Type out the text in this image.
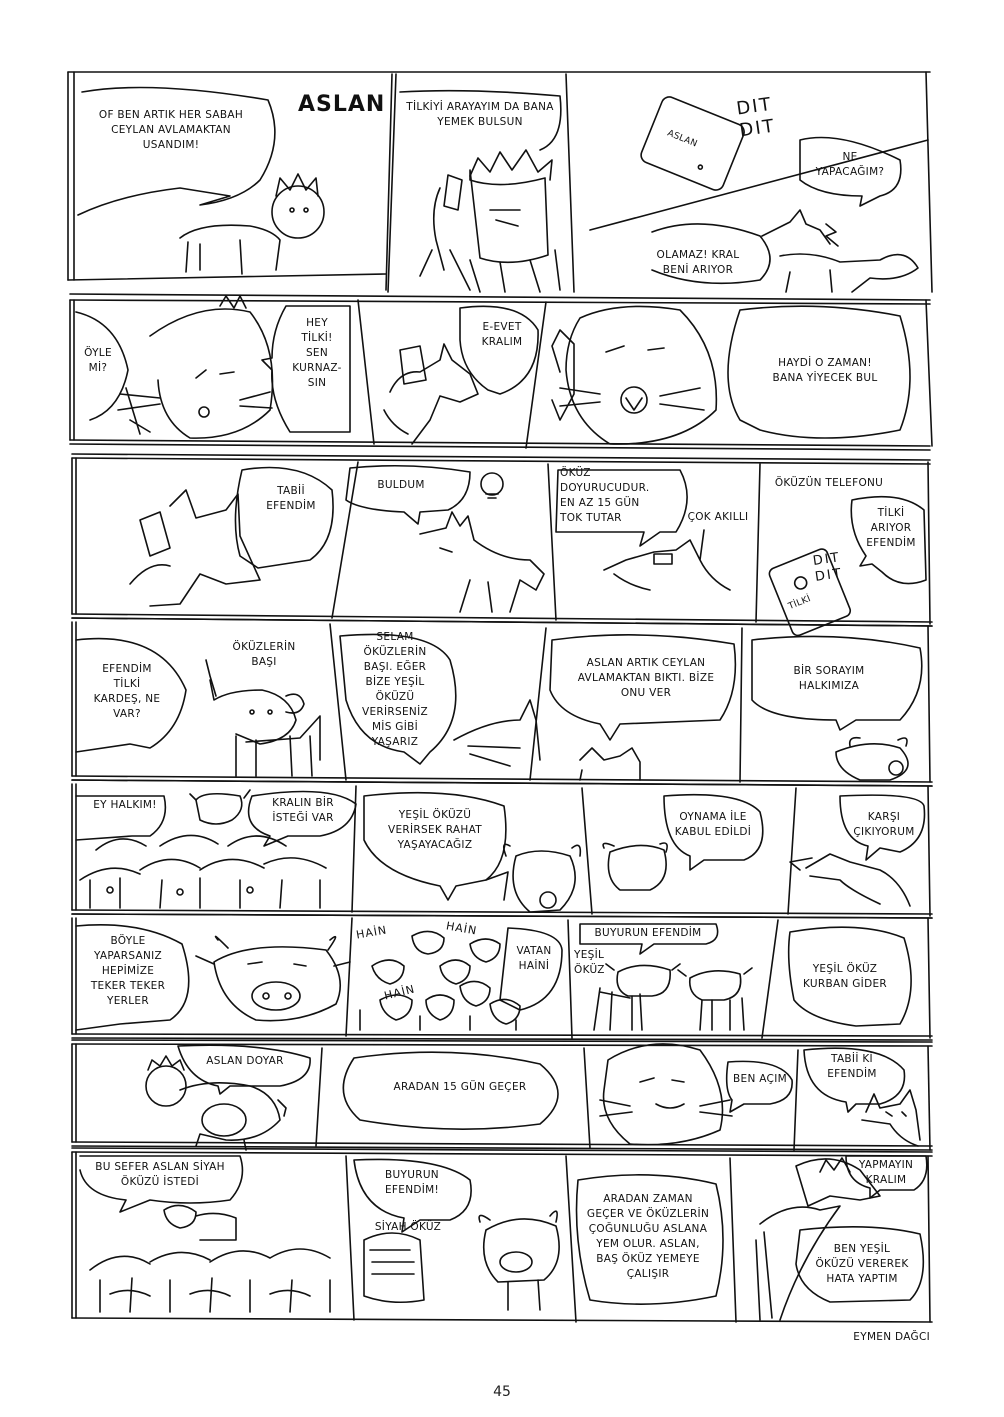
OF BEN ARTIK HER SABAH
CEYLAN AVLAMAKTAN
USANDIM!
ASLAN	TİLKİYİ ARAYAYIM DA BANA
YEMEK BULSUN
ASLAN
DIT
DIT
NE
YAPACAĞIM?
OLAMAZ! KRAL
BENİ ARIYOR
ÖYLE
Mİ?
HEY
TİLKİ!
SEN
KURNAZ-
SIN
E-EVET
KRALIM
HAYDİ O ZAMAN!
BANA YİYECEK BUL
TABİİ
EFENDİM
BULDUM
ÖKÜZ
DOYURUCUDUR.
EN AZ 15 GÜN
TOK TUTAR	ÇOK AKILLI
ÖKÜZÜN TELEFONU
TİLKİ
ARIYOR
EFENDİM
TİLKİ
DIT
DIT
EFENDİM
TİLKİ
KARDEŞ, NE
VAR?
ÖKÜZLERİN
BAŞI
SELAM
ÖKÜZLERİN
BAŞI. EĞER
BİZE YEŞİL
ÖKÜZÜ
VERİRSENİZ
MİS GİBİ
YAŞARIZ
ASLAN ARTIK CEYLAN
AVLAMAKTAN BIKTI. BİZE
ONU VER
BİR SORAYIM
HALKIMIZA
EY HALKIM!	KRALIN BİR
İSTEĞİ VAR	YEŞİL ÖKÜZÜ
VERİRSEK RAHAT
YAŞAYACAĞIZ
OYNAMA İLE
KABUL EDİLDİ
KARŞI
ÇIKIYORUM
BÖYLE
YAPARSANIZ
HEPİMİZE
TEKER TEKER
YERLER
HAİN	HAİN
HAİN
VATAN
HAİNİ
BUYURUN EFENDİM
YEŞİL
ÖKÜZ	YEŞİL ÖKÜZ
KURBAN GİDER
ASLAN DOYAR
ARADAN 15 GÜN GEÇER
BEN AÇIM
TABİİ Kİ
EFENDİM
BU SEFER ASLAN SİYAH
ÖKÜZÜ İSTEDİ
BUYURUN
EFENDİM!
SİYAH ÖKÜZ
ARADAN ZAMAN
GEÇER VE ÖKÜZLERİN
ÇOĞUNLUĞU ASLANA
YEM OLUR. ASLAN,
BAŞ ÖKÜZ YEMEYE
ÇALIŞIR
YAPMAYIN
KRALIM
BEN YEŞİL
ÖKÜZÜ VEREREK
HATA YAPTIM
EYMEN DAĞCI
45
